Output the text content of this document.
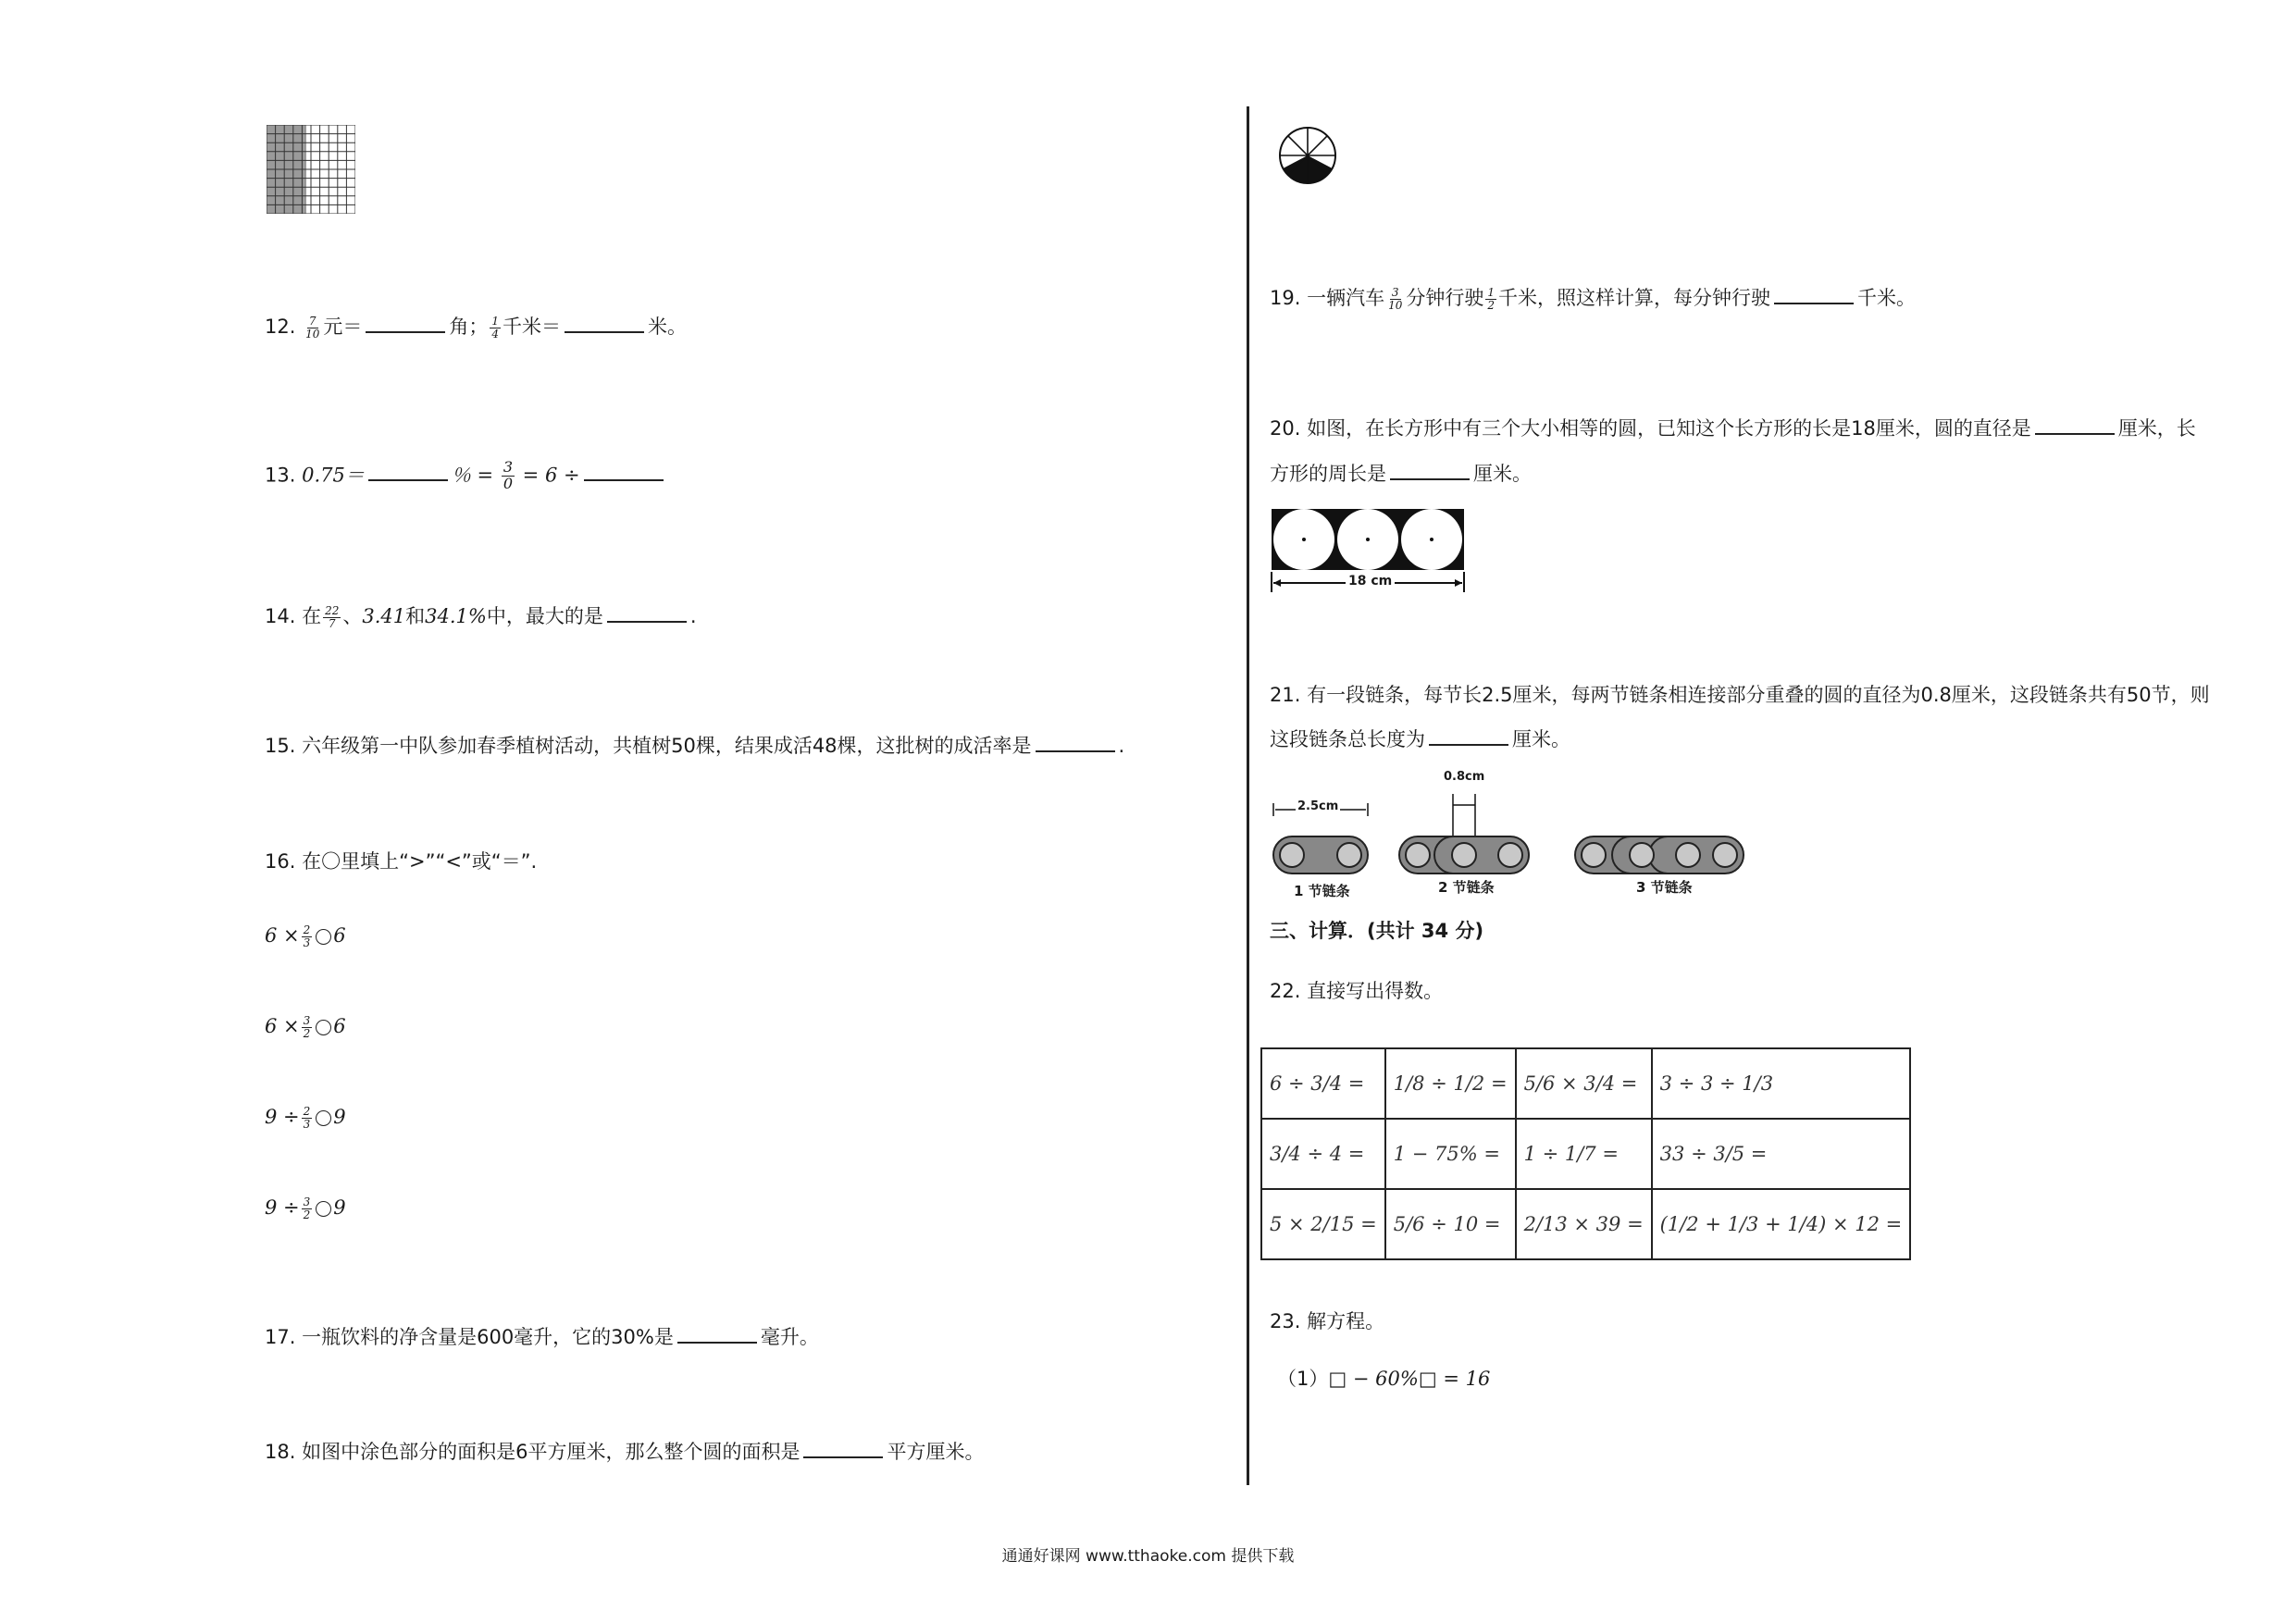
12. $\frac{7}{10}$ 元＝	角； $\frac{1}{4}$ 千米＝	米。
13. 0.75＝	％ = $\frac{3}{0} = 6$ ÷
14. 在 $\frac{22}{7}$ 、3.41和34.1%中，最大的是	.
15. 六年级第一中队参加春季植树活动，共植树50棵，结果成活48棵，这批树的成活率是	.
16. 在〇里填上“>”“<”或“＝”.
$6 \times \frac{2}{3} 6$
$6 \times \frac{3}{2} 6$
$9 \div \frac{2}{3} 9$
$9 \div \frac{3}{2} 9$
17. 一瓶饮料的净含量是600毫升，它的30%是	毫升。
18. 如图中涂色部分的面积是6平方厘米，那么整个圆的面积是	平方厘米。
19. 一辆汽车 $\frac{3}{10}$ 分钟行驶 $\frac{1}{2}$ 千米，照这样计算，每分钟行驶	千米。
20. 如图，在长方形中有三个大小相等的圆，已知这个长方形的长是18厘米，圆的直径是	厘米，长
方形的周长是	厘米。
18 cm
21. 有一段链条，每节长2.5厘米，每两节链条相连接部分重叠的圆的直径为0.8厘米，这段链条共有50节，则
这段链条总长度为	厘米。
2.5cm
0.8cm
1 节链条	2 节链条	3 节链条
三、计算．(共计 34 分)
22. 直接写出得数。
6 ÷ 3/4 =	1/8 ÷ 1/2 =	5/6 × 3/4 =	3 ÷ 3 ÷ 1/3
3/4 ÷ 4 =	1 − 75% =	1 ÷ 1/7 =	33 ÷ 3/5 =
5 × 2/15 =	5/6 ÷ 10 =	2/13 × 39 =	(1/2 + 1/3 + 1/4) × 12 =
23. 解方程。
（1）□ − 60%□ = 16
通通好课网 www.tthaoke.com 提供下载
